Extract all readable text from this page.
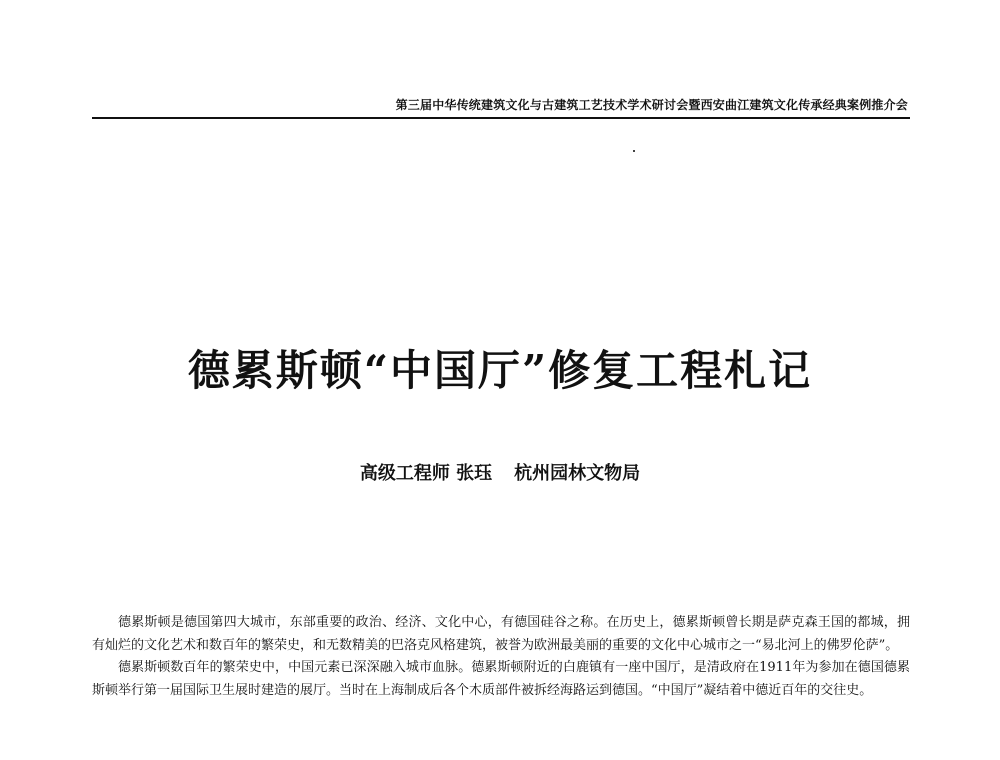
第三届中华传统建筑文化与古建筑工艺技术学术研讨会暨西安曲江建筑文化传承经典案例推介会
德累斯顿“中国厅”修复工程札记
高级工程师 张珏 杭州园林文物局

德累斯顿是德国第四大城市，东部重要的政治、经济、文化中心，有德国硅谷之称。在历史上，德累斯顿曾长期是萨克森王国的都城，拥有灿烂的文化艺术和数百年的繁荣史，和无数精美的巴洛克风格建筑，被誉为欧洲最美丽的重要的文化中心城市之一“易北河上的佛罗伦萨”。

德累斯顿数百年的繁荣史中，中国元素已深深融入城市血脉。德累斯顿附近的白鹿镇有一座中国厅，是清政府在1911年为参加在德国德累斯顿举行第一届国际卫生展时建造的展厅。当时在上海制成后各个木质部件被拆经海路运到德国。“中国厅”凝结着中德近百年的交往史。
